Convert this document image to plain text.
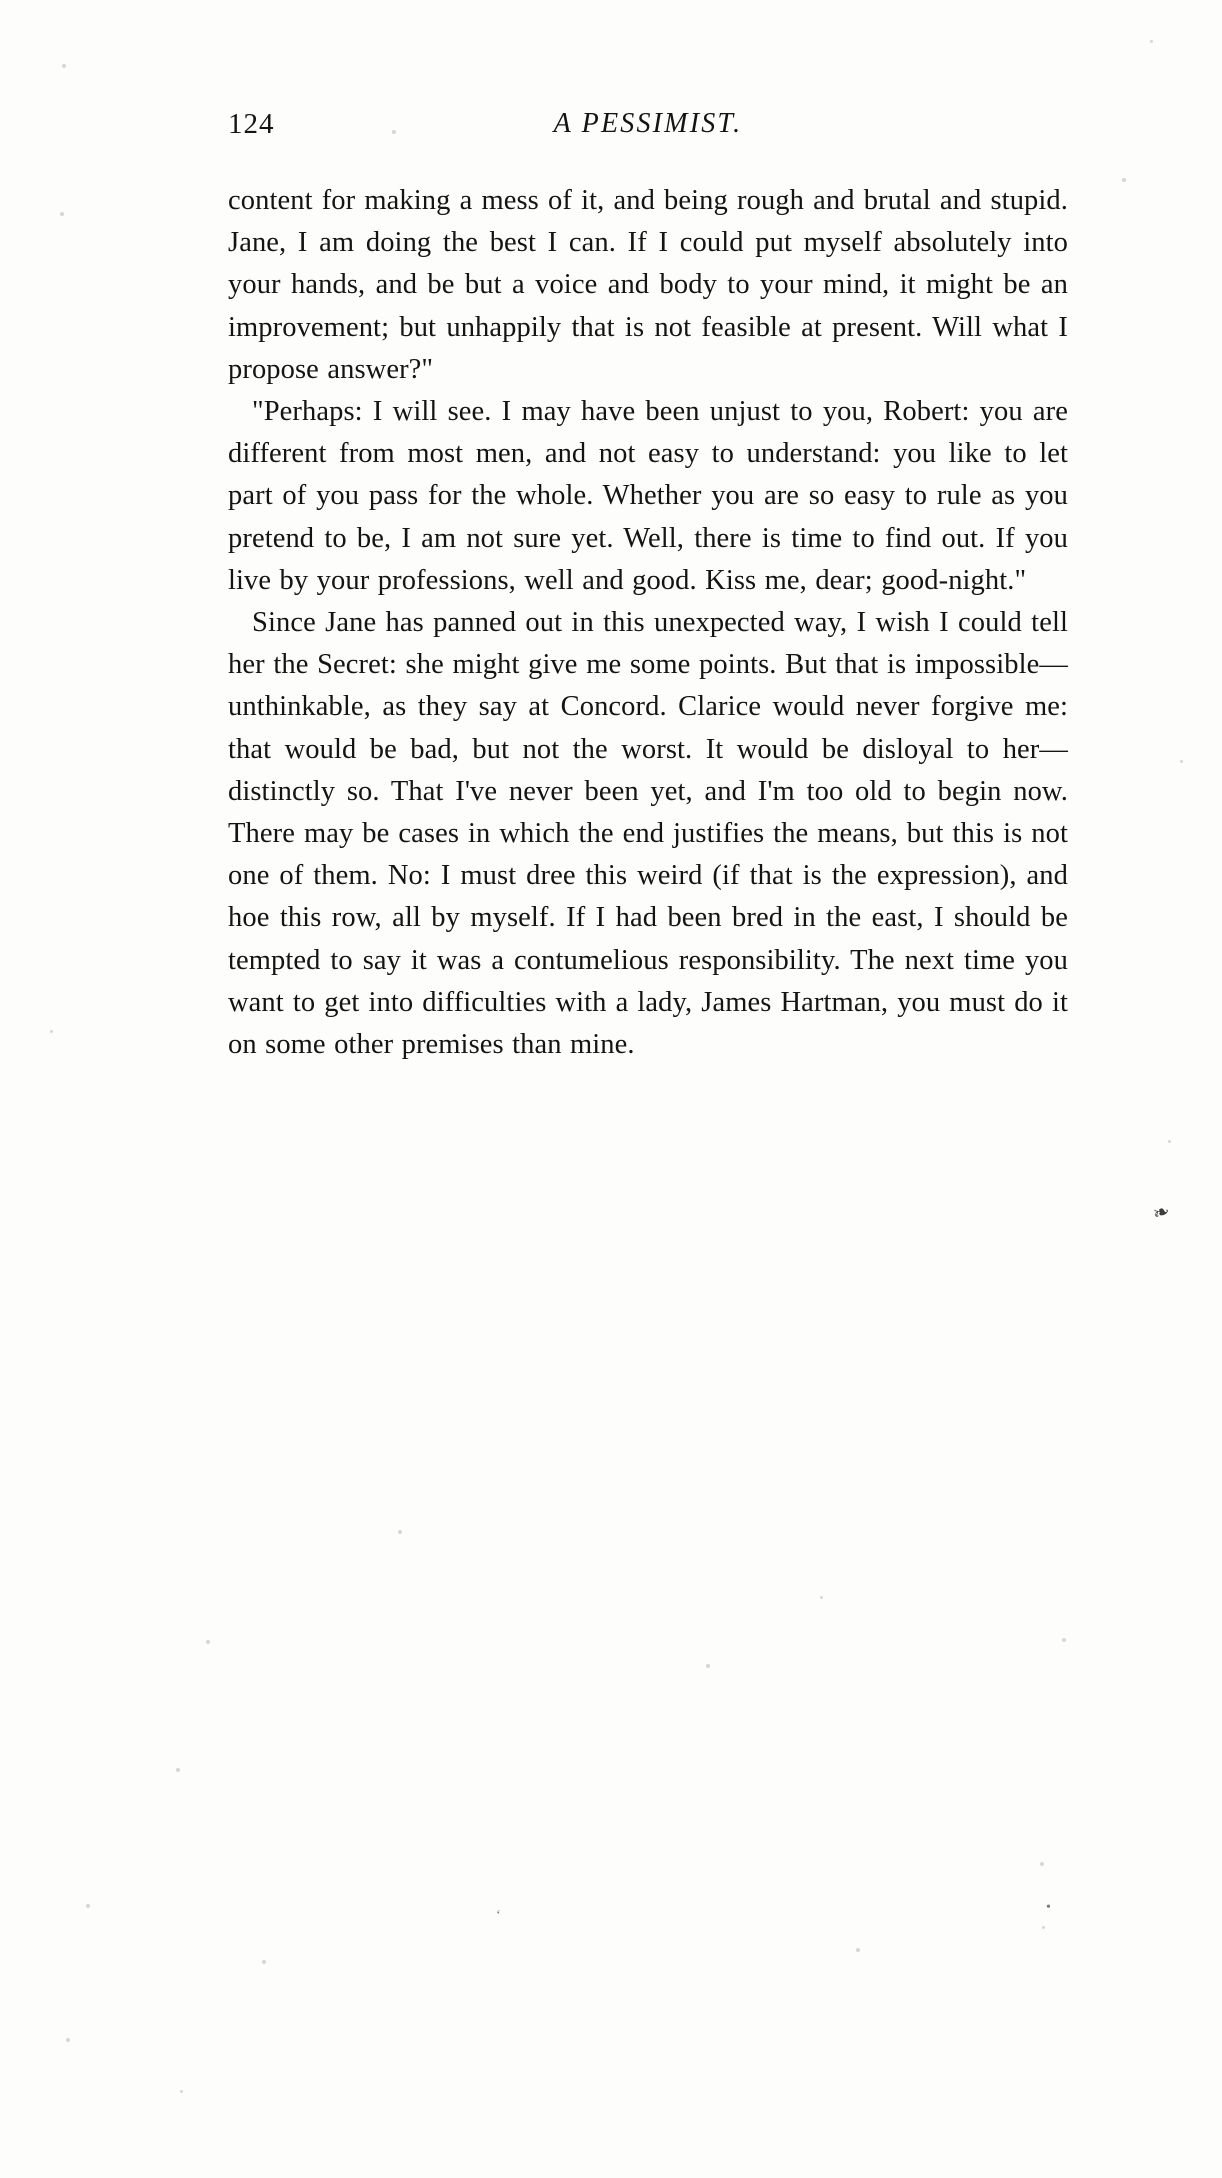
124	A PESSIMIST.

content for making a mess of it, and being rough and brutal and stupid. Jane, I am doing the best I can. If I could put myself absolutely into your hands, and be but a voice and body to your mind, it might be an improvement; but unhappily that is not feasible at present. Will what I propose answer?"

"Perhaps: I will see. I may have been unjust to you, Robert: you are different from most men, and not easy to understand: you like to let part of you pass for the whole. Whether you are so easy to rule as you pretend to be, I am not sure yet. Well, there is time to find out. If you live by your professions, well and good. Kiss me, dear; good-night."

Since Jane has panned out in this unexpected way, I wish I could tell her the Secret: she might give me some points. But that is impossible—unthinkable, as they say at Concord. Clarice would never forgive me: that would be bad, but not the worst. It would be disloyal to her—distinctly so. That I've never been yet, and I'm too old to begin now. There may be cases in which the end justifies the means, but this is not one of them. No: I must dree this weird (if that is the expression), and hoe this row, all by myself. If I had been bred in the east, I should be tempted to say it was a contumelious responsibility. The next time you want to get into difficulties with a lady, James Hartman, you must do it on some other premises than mine.

❧
‘
•
